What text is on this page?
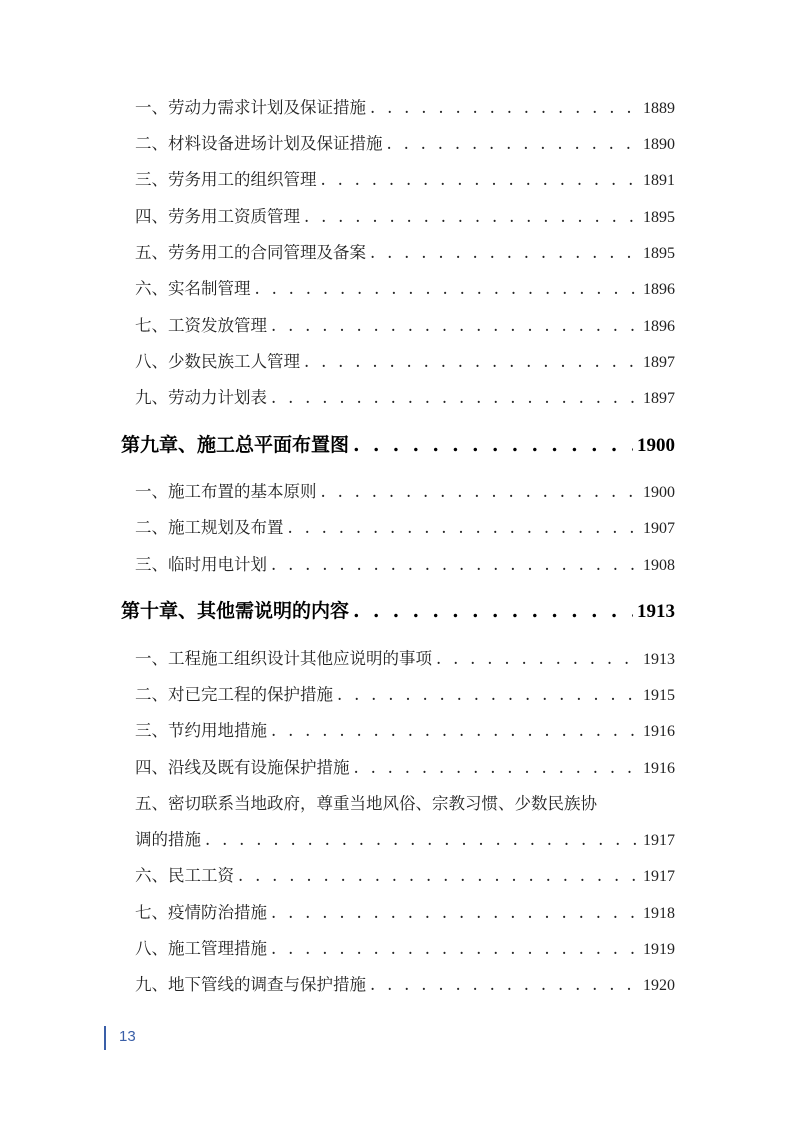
一、劳动力需求计划及保证措施 . . .	1889
二、材料设备进场计划及保证措施 . . .	1890
三、劳务用工的组织管理 . . .	1891
四、劳务用工资质管理 . . .	1895
五、劳务用工的合同管理及备案 . . .	1895
六、实名制管理 . . .	1896
七、工资发放管理 . . .	1896
八、少数民族工人管理 . . .	1897
九、劳动力计划表 . . .	1897
第九章、施工总平面布置图 . . .	1900
一、施工布置的基本原则 . . .	1900
二、施工规划及布置 . . .	1907
三、临时用电计划 . . .	1908
第十章、其他需说明的内容 . . .	1913
一、工程施工组织设计其他应说明的事项 . . .	1913
二、对已完工程的保护措施 . . .	1915
三、节约用地措施 . . .	1916
四、沿线及既有设施保护措施 . . .	1916
五、密切联系当地政府，尊重当地风俗、宗教习惯、少数民族协
调的措施 . . .	1917
六、民工工资 . . .	1917
七、疫情防治措施 . . .	1918
八、施工管理措施 . . .	1919
九、地下管线的调查与保护措施 . . .	1920
13
